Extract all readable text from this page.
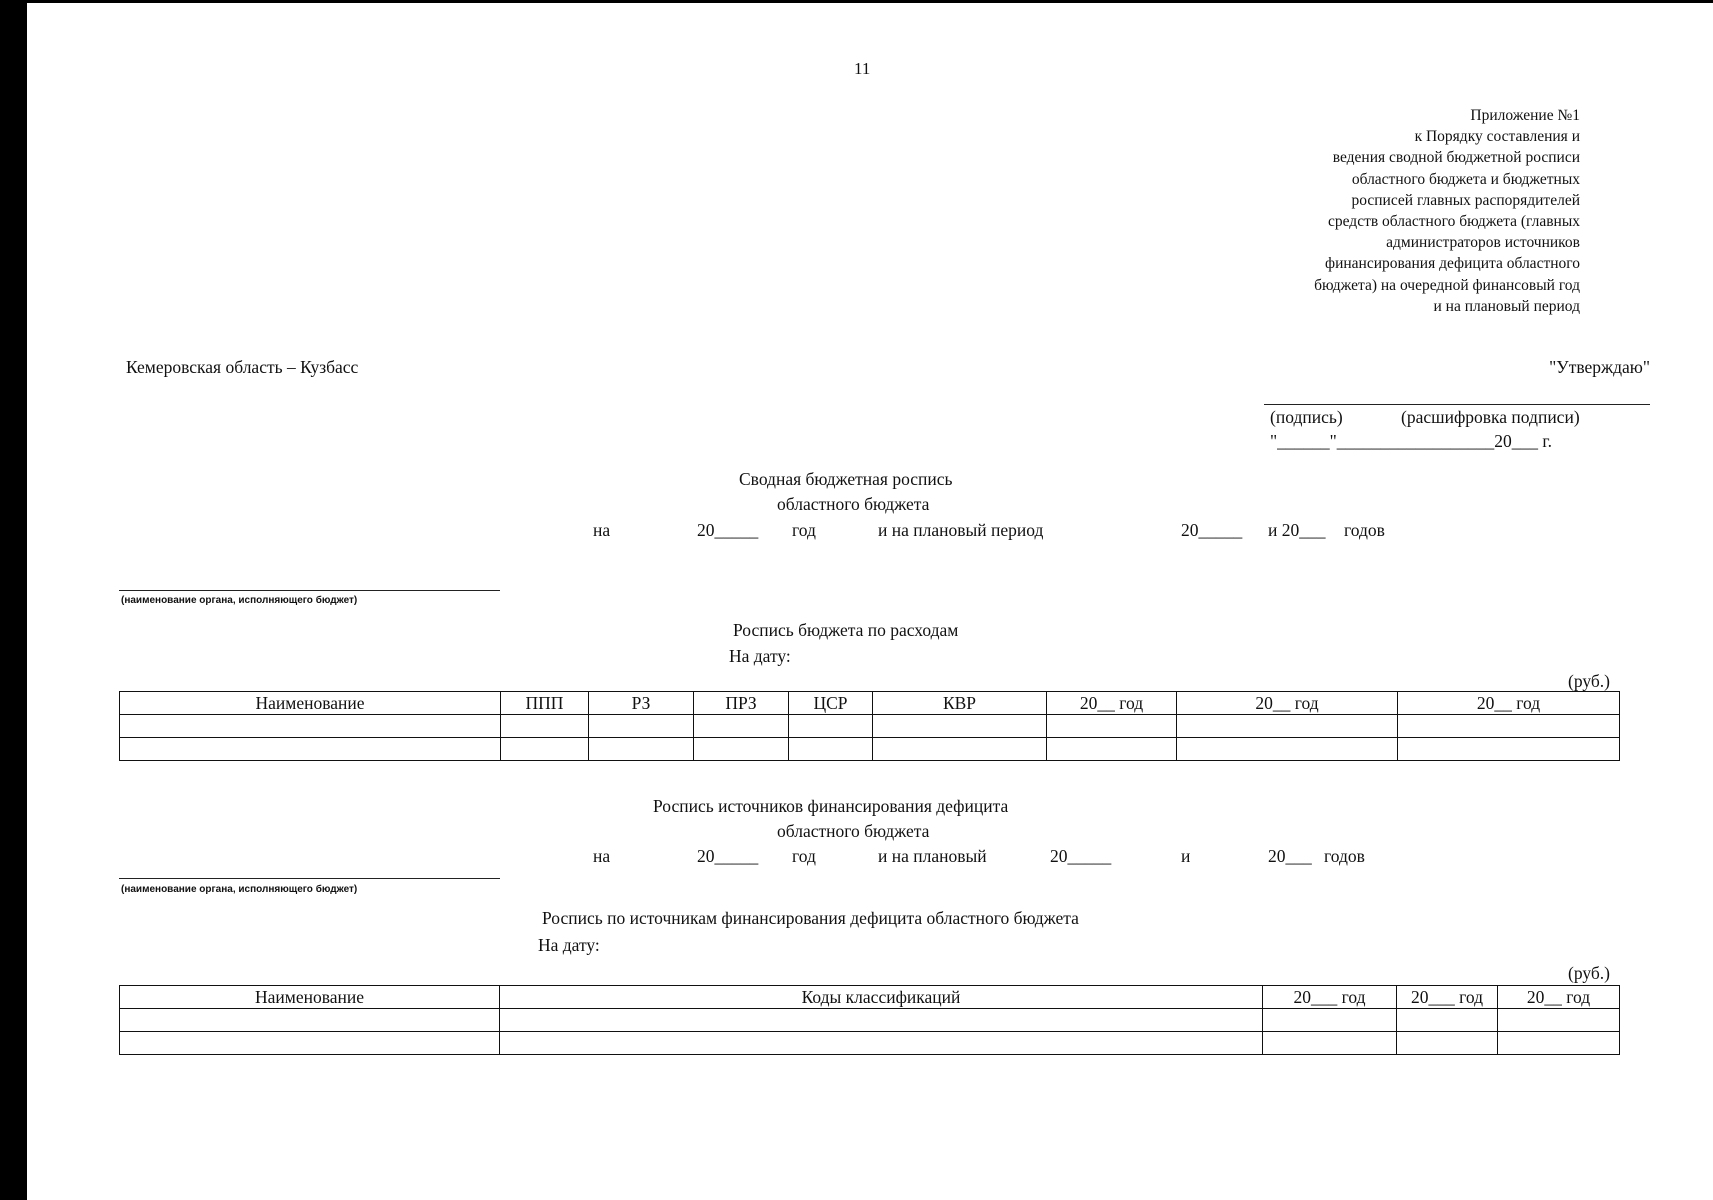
11
Приложение №1
к Порядку составления и
ведения сводной бюджетной росписи
областного бюджета и бюджетных
росписей главных распорядителей
средств областного бюджета (главных
администраторов источников
финансирования дефицита областного
бюджета) на очередной финансовый год
и на плановый период
Кемеровская область – Кузбасс	"Утверждаю"
(подпись)	(расшифровка подписи)
"______"__________________20___ г.
Сводная бюджетная роспись
областного бюджета
на	20_____ год	и на плановый период	20_____ и 20___ годов
(наименование органа, исполняющего бюджет)
Роспись бюджета по расходам
На дату:
(руб.)
Наименование	ППП	РЗ	ПРЗ	ЦСР	КВР	20__ год	20__ год	20__ год

Роспись источников финансирования дефицита
областного бюджета
на	20_____ год	и на плановый	20_____	и	20___ годов
(наименование органа, исполняющего бюджет)
Роспись по источникам финансирования дефицита областного бюджета
На дату:
(руб.)
Наименование	Коды классификаций	20___ год	20___ год	20__ год
